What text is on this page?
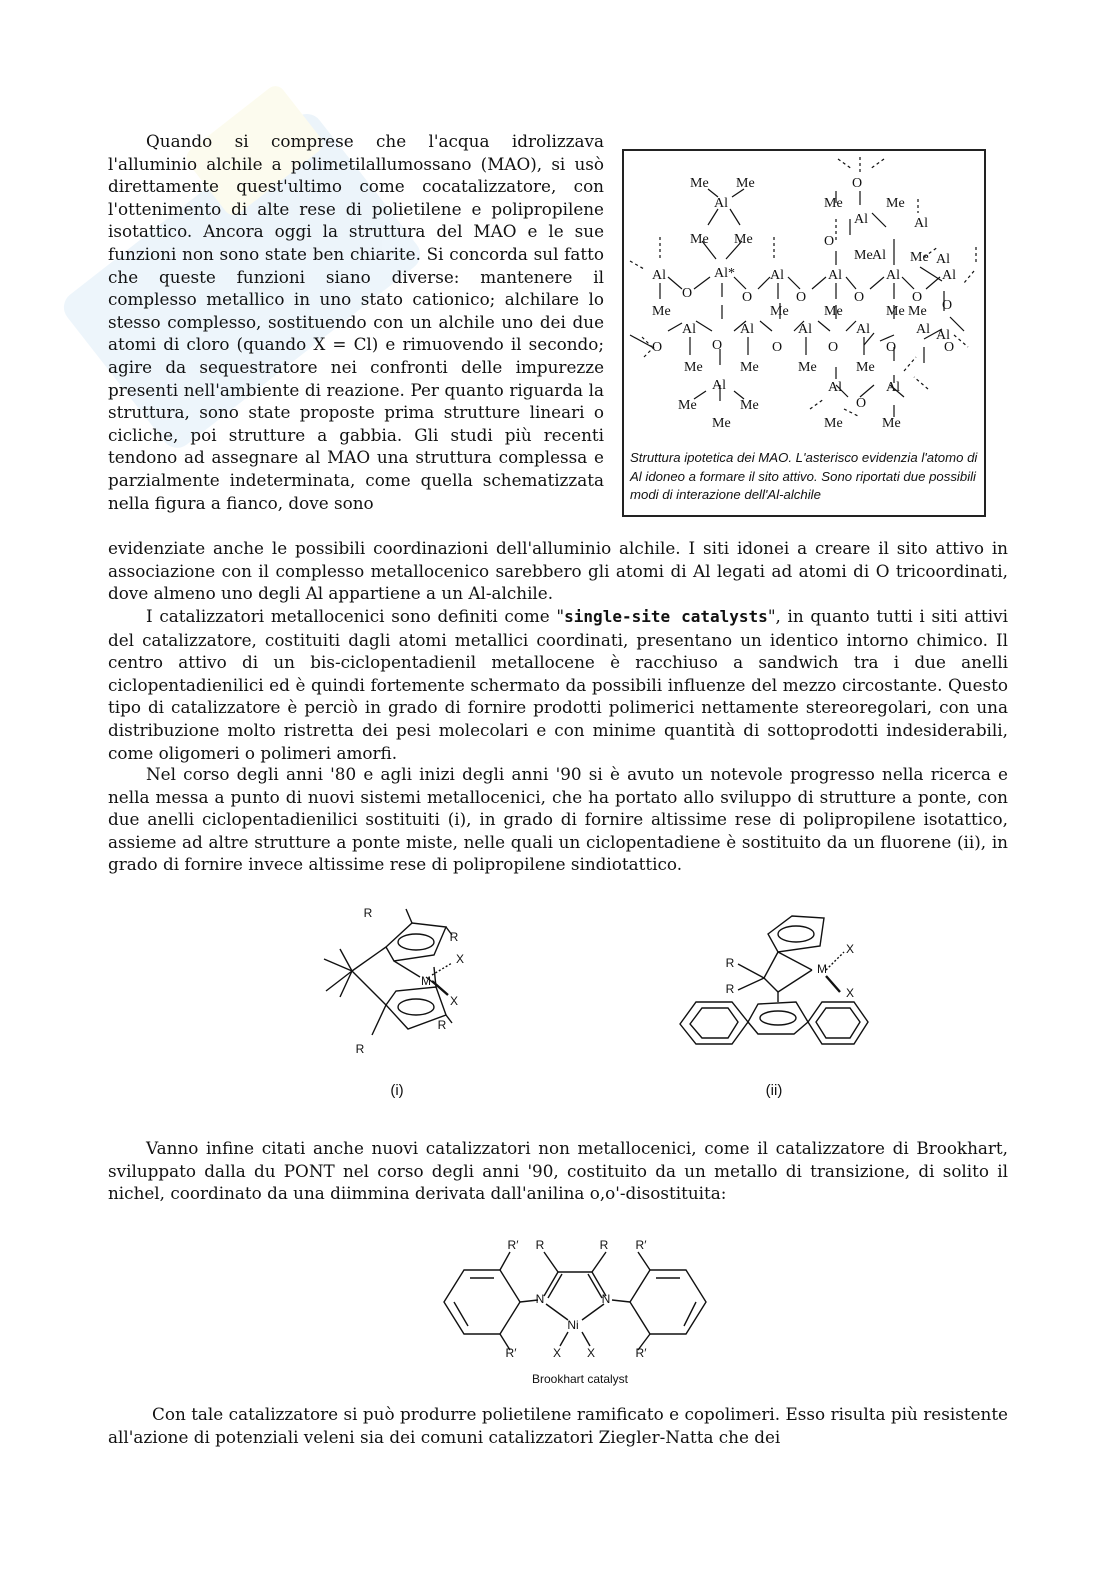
Quando si comprese che l'acqua idrolizzava l'alluminio alchile a polimetilallumossano (MAO), si usò direttamente quest'ultimo come cocatalizzatore, con l'ottenimento di alte rese di polietilene e polipropilene isotattico. Ancora oggi la struttura del MAO e le sue funzioni non sono state ben chiarite. Si concorda sul fatto che queste funzioni siano diverse: mantenere il complesso metallico in uno stato cationico; alchilare lo stesso complesso, sostituendo con un alchile uno dei due atomi di cloro (quando X = Cl) e rimuovendo il secondo; agire da sequestratore nei confronti delle impurezze presenti nell'ambiente di reazione. Per quanto riguarda la struttura, sono state proposte prima strutture lineari o cicliche, poi strutture a gabbia. Gli studi più recenti tendono ad assegnare al MAO una struttura complessa e parzialmente indeterminata, come quella schematizzata nella figura a fianco, dove sono
Me Me
Al
Me Me
Al	Al*	Al	Al	Al	Al
O	O	O	O	O
Me	Me	Me	Me
Al	Al	Al	Al	Al
O	O	O	O	O	O
Me	Me	Me	Me
Al	Al	Al
Me	Me	O
Me	Me	Me
O
Me	Me
Al	Al
O
Me	Me
Al	Al
O
Me
Al
Struttura ipotetica dei MAO. L'asterisco evidenzia l'atomo di Al idoneo a formare il sito attivo. Sono riportati due possibili modi di interazione dell'Al-alchile
evidenziate anche le possibili coordinazioni dell'alluminio alchile. I siti idonei a creare il sito attivo in associazione con il complesso metallocenico sarebbero gli atomi di Al legati ad atomi di O tricoordinati, dove almeno uno degli Al appartiene a un Al-alchile.
I catalizzatori metallocenici sono definiti come "single-site catalysts", in quanto tutti i siti attivi del catalizzatore, costituiti dagli atomi metallici coordinati, presentano un identico intorno chimico. Il centro attivo di un bis-ciclopentadienil metallocene è racchiuso a sandwich tra i due anelli ciclopentadienilici ed è quindi fortemente schermato da possibili influenze del mezzo circostante. Questo tipo di catalizzatore è perciò in grado di fornire prodotti polimerici nettamente stereoregolari, con una distribuzione molto ristretta dei pesi molecolari e con minime quantità di sottoprodotti indesiderabili, come oligomeri o polimeri amorfi.
Nel corso degli anni '80 e agli inizi degli anni '90 si è avuto un notevole progresso nella ricerca e nella messa a punto di nuovi sistemi metallocenici, che ha portato allo sviluppo di strutture a ponte, con due anelli ciclopentadienilici sostituiti (i), in grado di fornire altissime rese di polipropilene isotattico, assieme ad altre strutture a ponte miste, nelle quali un ciclopentadiene è sostituito da un fluorene (ii), in grado di fornire invece altissime rese di polipropilene sindiotattico.
R
R
M
X
X
R
R
(i)
X
M
X
R
R
(ii)
Vanno infine citati anche nuovi catalizzatori non metallocenici, come il catalizzatore di Brookhart, sviluppato dalla du PONT nel corso degli anni '90, costituito da un metallo di transizione, di solito il nichel, coordinato da una diimmina derivata dall'anilina o,o'-disostituita:
R′	R	R	R′
N	N
Ni
R′	X X	R′
Brookhart catalyst
Con tale catalizzatore si può produrre polietilene ramificato e copolimeri. Esso risulta più resistente all'azione di potenziali veleni sia dei comuni catalizzatori Ziegler-Natta che dei
